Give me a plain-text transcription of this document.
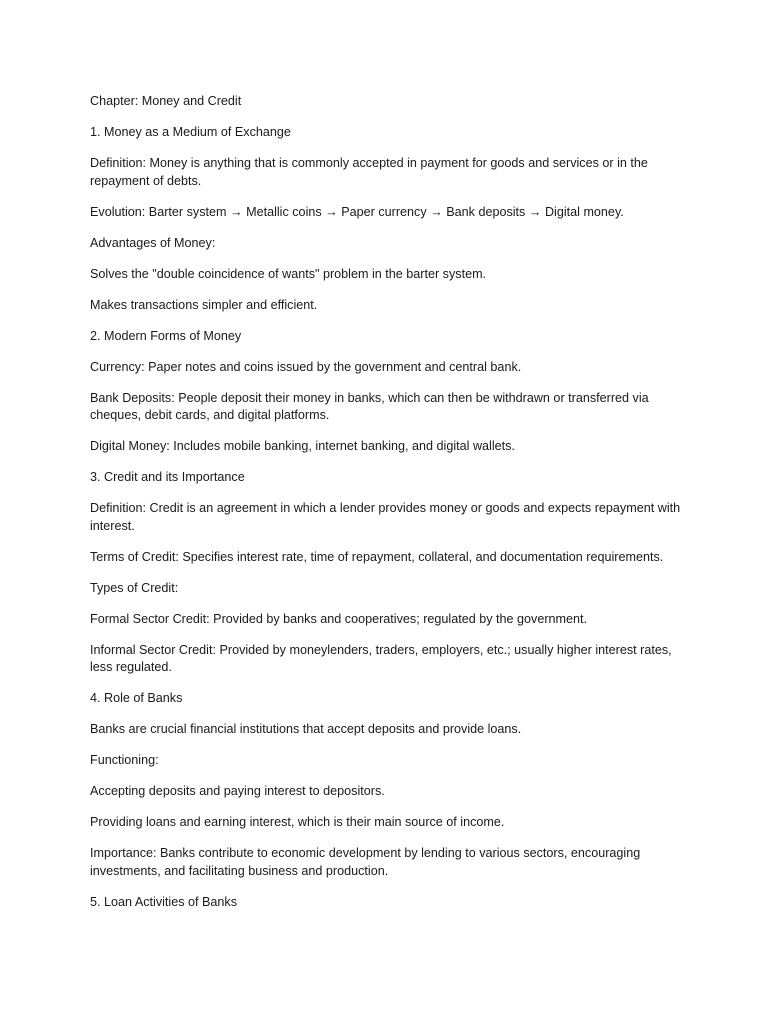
Chapter: Money and Credit

1. Money as a Medium of Exchange

Definition: Money is anything that is commonly accepted in payment for goods and services or in the repayment of debts.

Evolution: Barter system → Metallic coins → Paper currency → Bank deposits → Digital money.

Advantages of Money:

Solves the "double coincidence of wants" problem in the barter system.

Makes transactions simpler and efficient.

2. Modern Forms of Money

Currency: Paper notes and coins issued by the government and central bank.

Bank Deposits: People deposit their money in banks, which can then be withdrawn or transferred via cheques, debit cards, and digital platforms.

Digital Money: Includes mobile banking, internet banking, and digital wallets.

3. Credit and its Importance

Definition: Credit is an agreement in which a lender provides money or goods and expects repayment with interest.

Terms of Credit: Specifies interest rate, time of repayment, collateral, and documentation requirements.

Types of Credit:

Formal Sector Credit: Provided by banks and cooperatives; regulated by the government.

Informal Sector Credit: Provided by moneylenders, traders, employers, etc.; usually higher interest rates, less regulated.

4. Role of Banks

Banks are crucial financial institutions that accept deposits and provide loans.

Functioning:

Accepting deposits and paying interest to depositors.

Providing loans and earning interest, which is their main source of income.

Importance: Banks contribute to economic development by lending to various sectors, encouraging investments, and facilitating business and production.

5. Loan Activities of Banks
